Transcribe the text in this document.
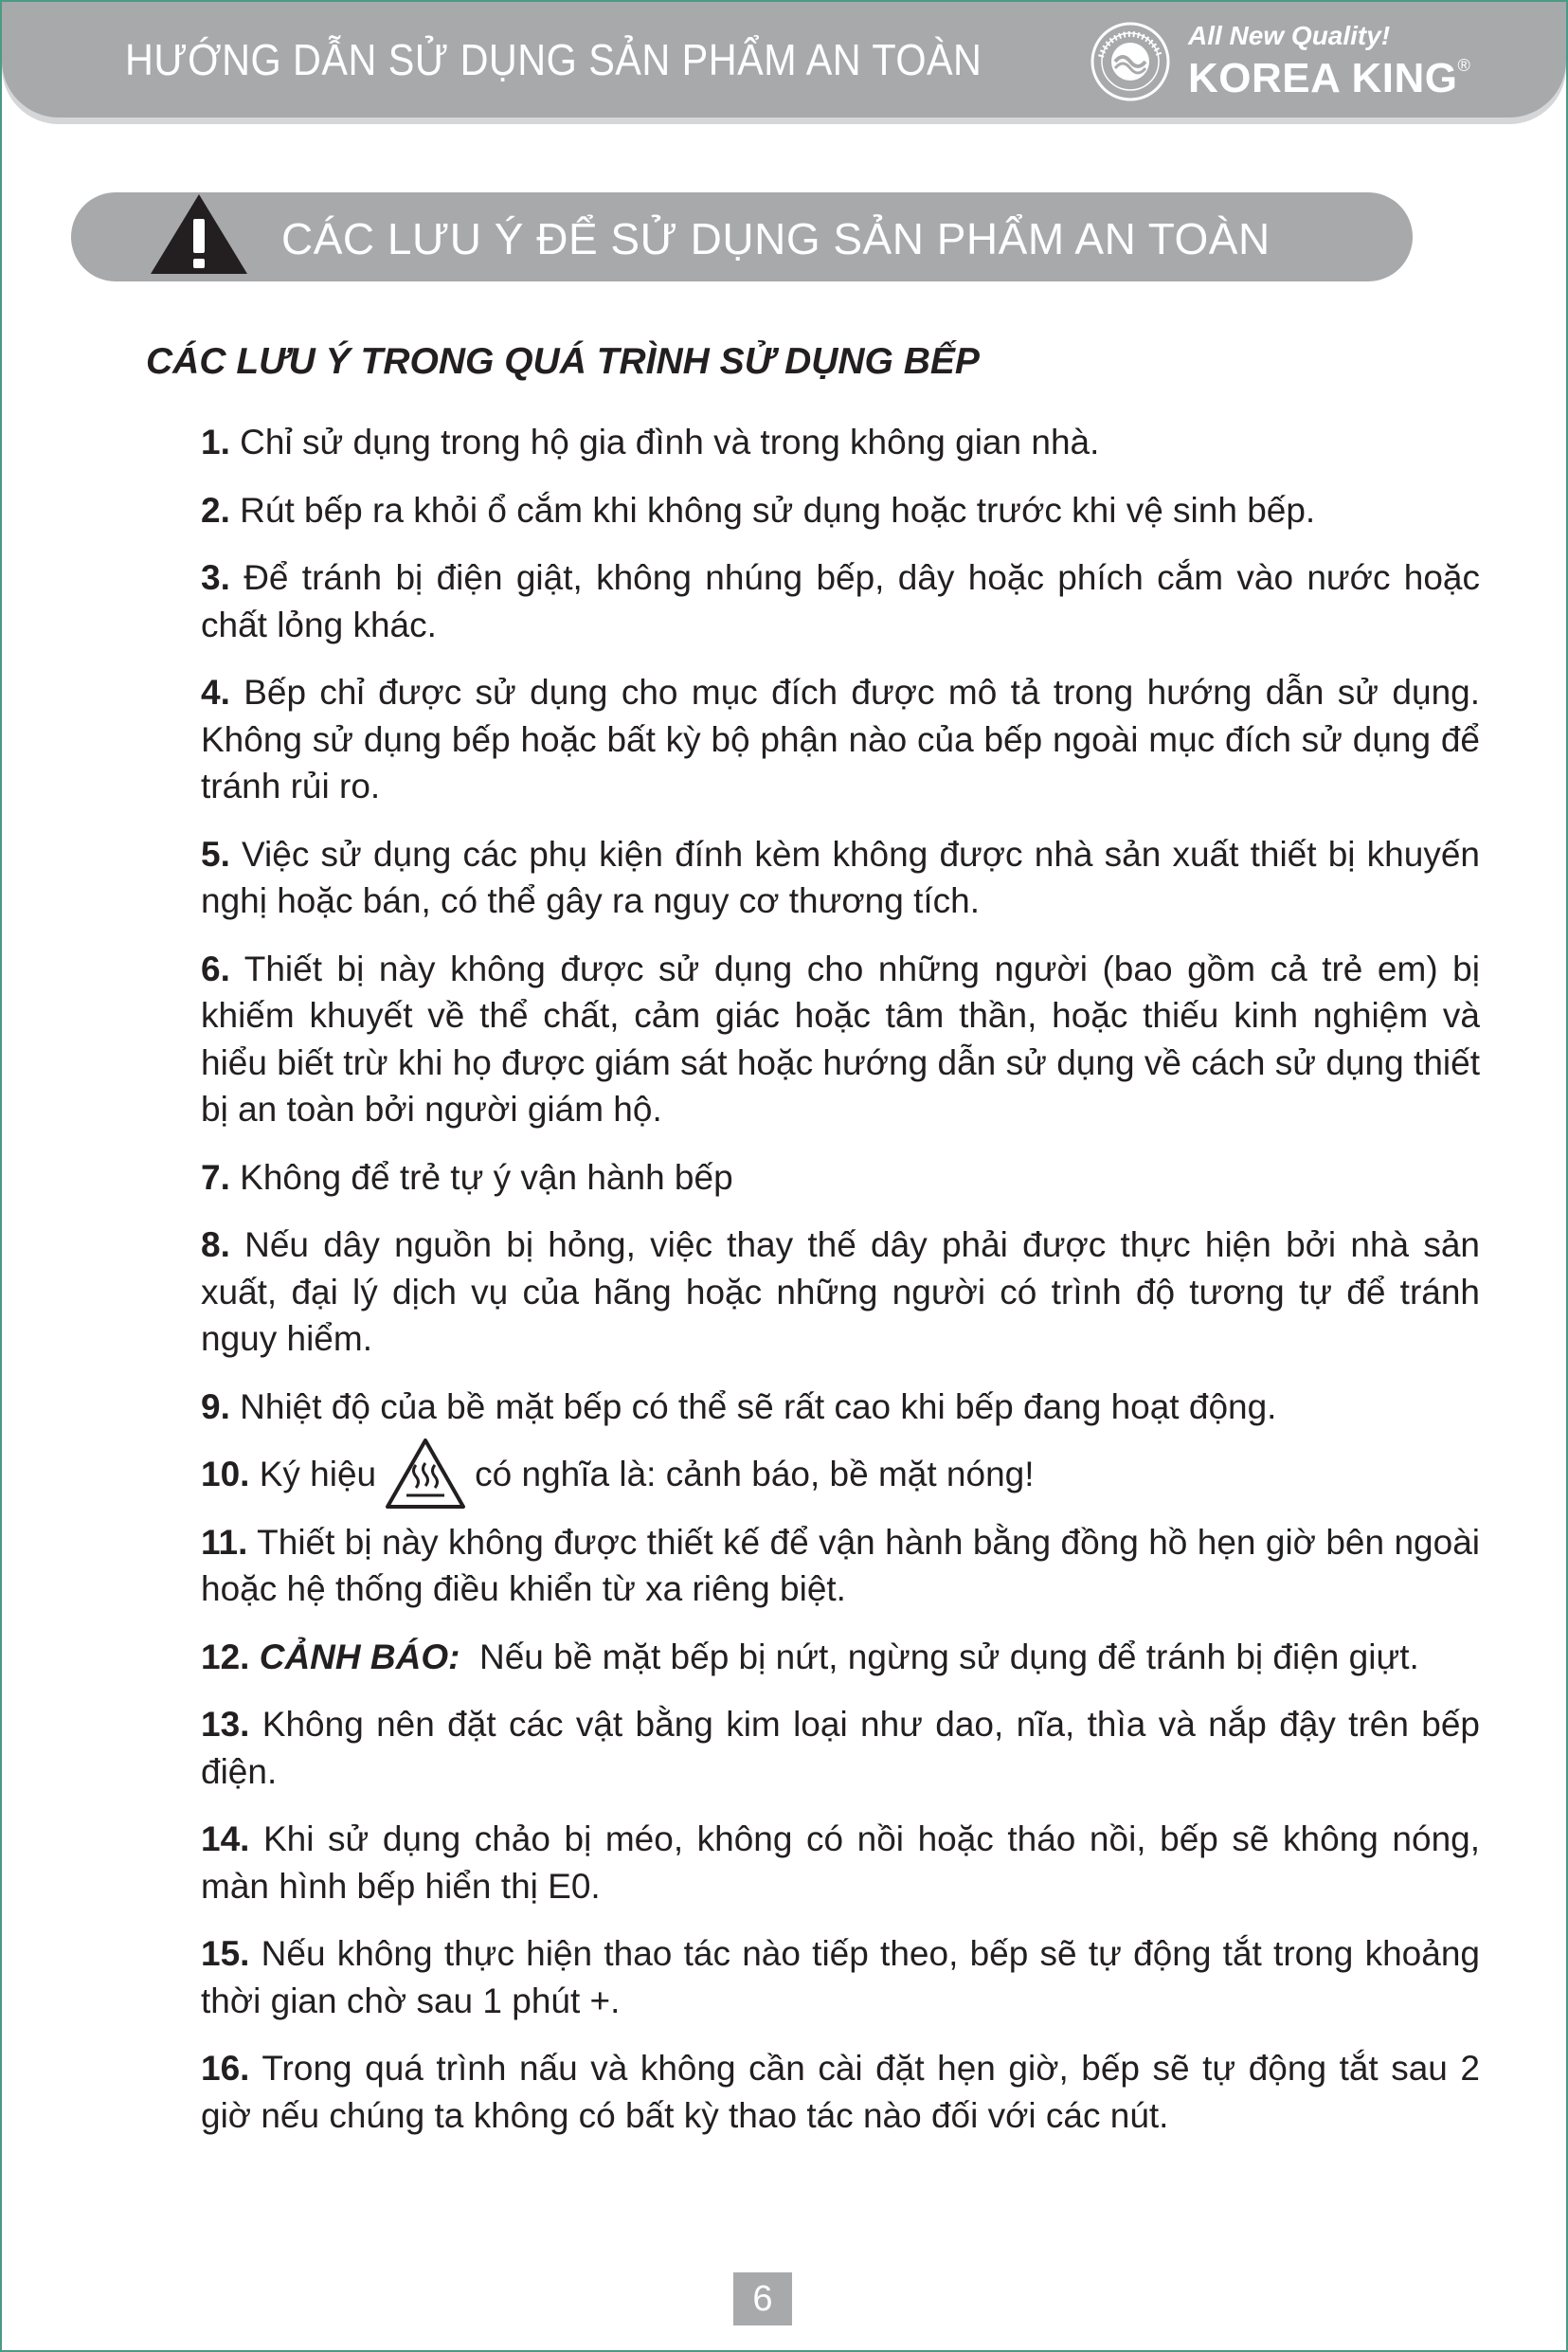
HƯỚNG DẪN SỬ DỤNG SẢN PHẨM AN TOÀN	All New Quality!
KOREA KING®
CÁC LƯU Ý ĐỂ SỬ DỤNG SẢN PHẨM AN TOÀN
CÁC LƯU Ý TRONG QUÁ TRÌNH SỬ DỤNG BẾP
1. Chỉ sử dụng trong hộ gia đình và trong không gian nhà.
2. Rút bếp ra khỏi ổ cắm khi không sử dụng hoặc trước khi vệ sinh bếp.
3. Để tránh bị điện giật, không nhúng bếp, dây hoặc phích cắm vào nước hoặc chất lỏng khác.
4. Bếp chỉ được sử dụng cho mục đích được mô tả trong hướng dẫn sử dụng. Không sử dụng bếp hoặc bất kỳ bộ phận nào của bếp ngoài mục đích sử dụng để tránh rủi ro.
5. Việc sử dụng các phụ kiện đính kèm không được nhà sản xuất thiết bị khuyến nghị hoặc bán, có thể gây ra nguy cơ thương tích.
6. Thiết bị này không được sử dụng cho những người (bao gồm cả trẻ em) bị khiếm khuyết về thể chất, cảm giác hoặc tâm thần, hoặc thiếu kinh nghiệm và hiểu biết trừ khi họ được giám sát hoặc hướng dẫn sử dụng về cách sử dụng thiết bị an toàn bởi người giám hộ.
7. Không để trẻ tự ý vận hành bếp
8. Nếu dây nguồn bị hỏng, việc thay thế dây phải được thực hiện bởi nhà sản xuất, đại lý dịch vụ của hãng hoặc những người có trình độ tương tự để tránh nguy hiểm.
9. Nhiệt độ của bề mặt bếp có thể sẽ rất cao khi bếp đang hoạt động.
10. Ký hiệu	có nghĩa là: cảnh báo, bề mặt nóng!
11. Thiết bị này không được thiết kế để vận hành bằng đồng hồ hẹn giờ bên ngoài hoặc hệ thống điều khiển từ xa riêng biệt.
12. CẢNH BÁO: Nếu bề mặt bếp bị nứt, ngừng sử dụng để tránh bị điện giựt.
13. Không nên đặt các vật bằng kim loại như dao, nĩa, thìa và nắp đậy trên bếp điện.
14. Khi sử dụng chảo bị méo, không có nồi hoặc tháo nồi, bếp sẽ không nóng, màn hình bếp hiển thị E0.
15. Nếu không thực hiện thao tác nào tiếp theo, bếp sẽ tự động tắt trong khoảng thời gian chờ sau 1 phút +.
16. Trong quá trình nấu và không cần cài đặt hẹn giờ, bếp sẽ tự động tắt sau 2 giờ nếu chúng ta không có bất kỳ thao tác nào đối với các nút.
6
